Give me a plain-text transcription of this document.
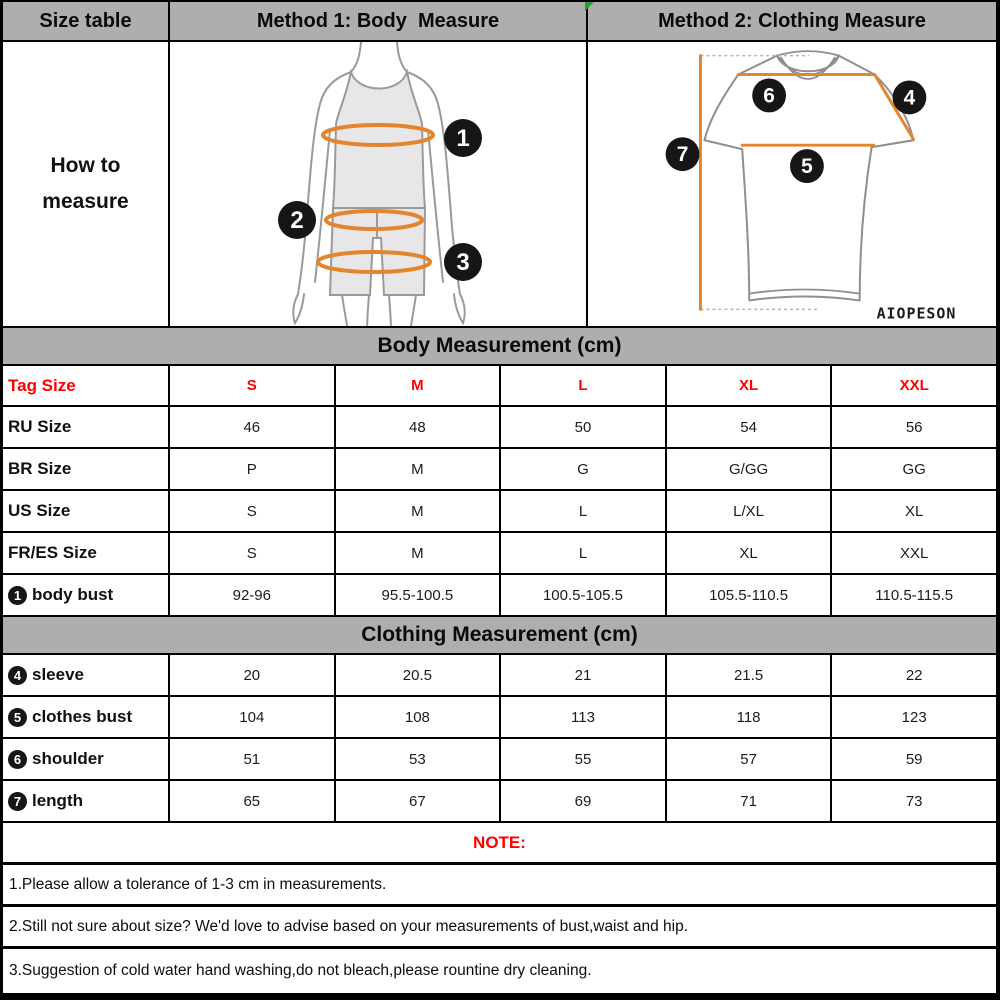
Size table	Method 1: Body  Measure	Method 2: Clothing Measure
How to measure
1
2
3
6	4
7
5
AIOPESON
Body Measurement (cm)
Tag Size	S	M	L	XL	XXL
RU Size	46	48	50	54	56
BR Size	P	M	G	G/GG	GG
US Size	S	M	L	L/XL	XL
FR/ES Size	S	M	L	XL	XXL
1 body bust	92-96	95.5-100.5	100.5-105.5	105.5-110.5	110.5-115.5
Clothing Measurement (cm)
4 sleeve	20	20.5	21	21.5	22
5 clothes bust	104	108	113	118	123
6 shoulder	51	53	55	57	59
7 length	65	67	69	71	73
NOTE:
1.Please allow a tolerance of 1-3 cm in measurements.
2.Still not sure about size? We'd love to advise based on your measurements of bust,waist and hip.
3.Suggestion of cold water hand washing,do not bleach,please rountine dry cleaning.
